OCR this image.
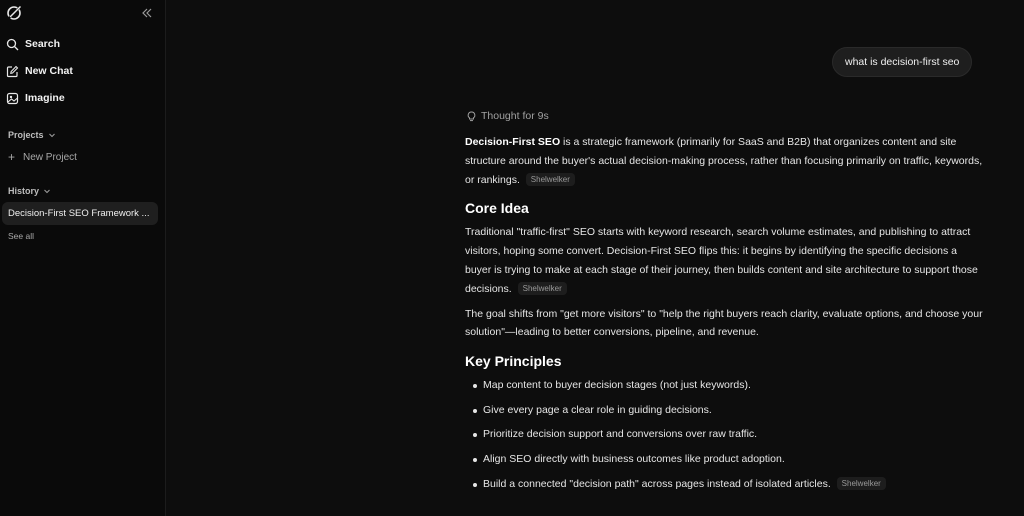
Search
New Chat
Imagine
Projects
+ New Project
History
Decision-First SEO Framework ...
See all
what is decision-first seo
Thought for 9s

Decision-First SEO is a strategic framework (primarily for SaaS and B2B) that organizes content and site structure around the buyer's actual decision-making process, rather than focusing primarily on traffic, keywords, or rankings. Shelwelker

Core Idea

Traditional "traffic-first" SEO starts with keyword research, search volume estimates, and publishing to attract visitors, hoping some convert. Decision-First SEO flips this: it begins by identifying the specific decisions a buyer is trying to make at each stage of their journey, then builds content and site architecture to support those decisions. Shelwelker

The goal shifts from "get more visitors" to "help the right buyers reach clarity, evaluate options, and choose your solution"—leading to better conversions, pipeline, and revenue.

Key Principles
Map content to buyer decision stages (not just keywords).
Give every page a clear role in guiding decisions.
Prioritize decision support and conversions over raw traffic.
Align SEO directly with business outcomes like product adoption.
Build a connected "decision path" across pages instead of isolated articles. Shelwelker
